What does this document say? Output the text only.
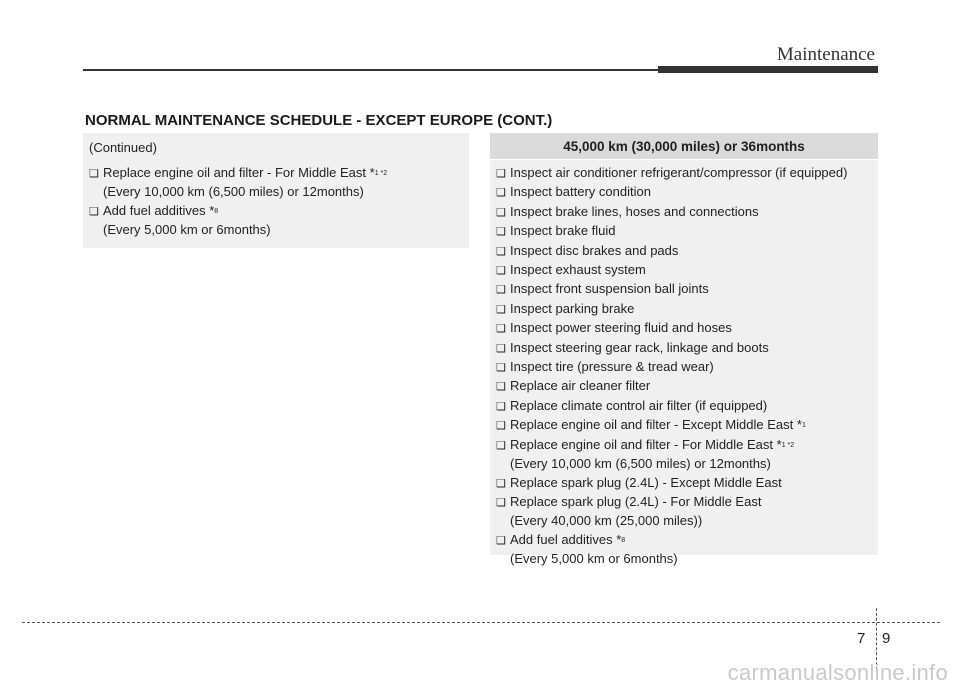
Maintenance
NORMAL MAINTENANCE SCHEDULE - EXCEPT EUROPE (CONT.)
(Continued)
❑ Replace engine oil and filter - For Middle East *$^{1 *2}$
(Every 10,000 km (6,500 miles) or 12months)
❑ Add fuel additives *$^8$
(Every 5,000 km or 6months)
45,000 km (30,000 miles) or 36months
❑ Inspect air conditioner refrigerant/compressor (if equipped)
❑ Inspect battery condition
❑ Inspect brake lines, hoses and connections
❑ Inspect brake fluid
❑ Inspect disc brakes and pads
❑ Inspect exhaust system
❑ Inspect front suspension ball joints
❑ Inspect parking brake
❑ Inspect power steering fluid and hoses
❑ Inspect steering gear rack, linkage and boots
❑ Inspect tire (pressure & tread wear)
❑ Replace air cleaner filter
❑ Replace climate control air filter (if equipped)
❑ Replace engine oil and filter - Except Middle East *$^1$
❑ Replace engine oil and filter - For Middle East *$^{1 *2}$
(Every 10,000 km (6,500 miles) or 12months)
❑ Replace spark plug (2.4L) - Except Middle East
❑ Replace spark plug (2.4L) - For Middle East
(Every 40,000 km (25,000 miles))
❑ Add fuel additives *$^8$
(Every 5,000 km or 6months)
7 9
carmanualsonline.info
